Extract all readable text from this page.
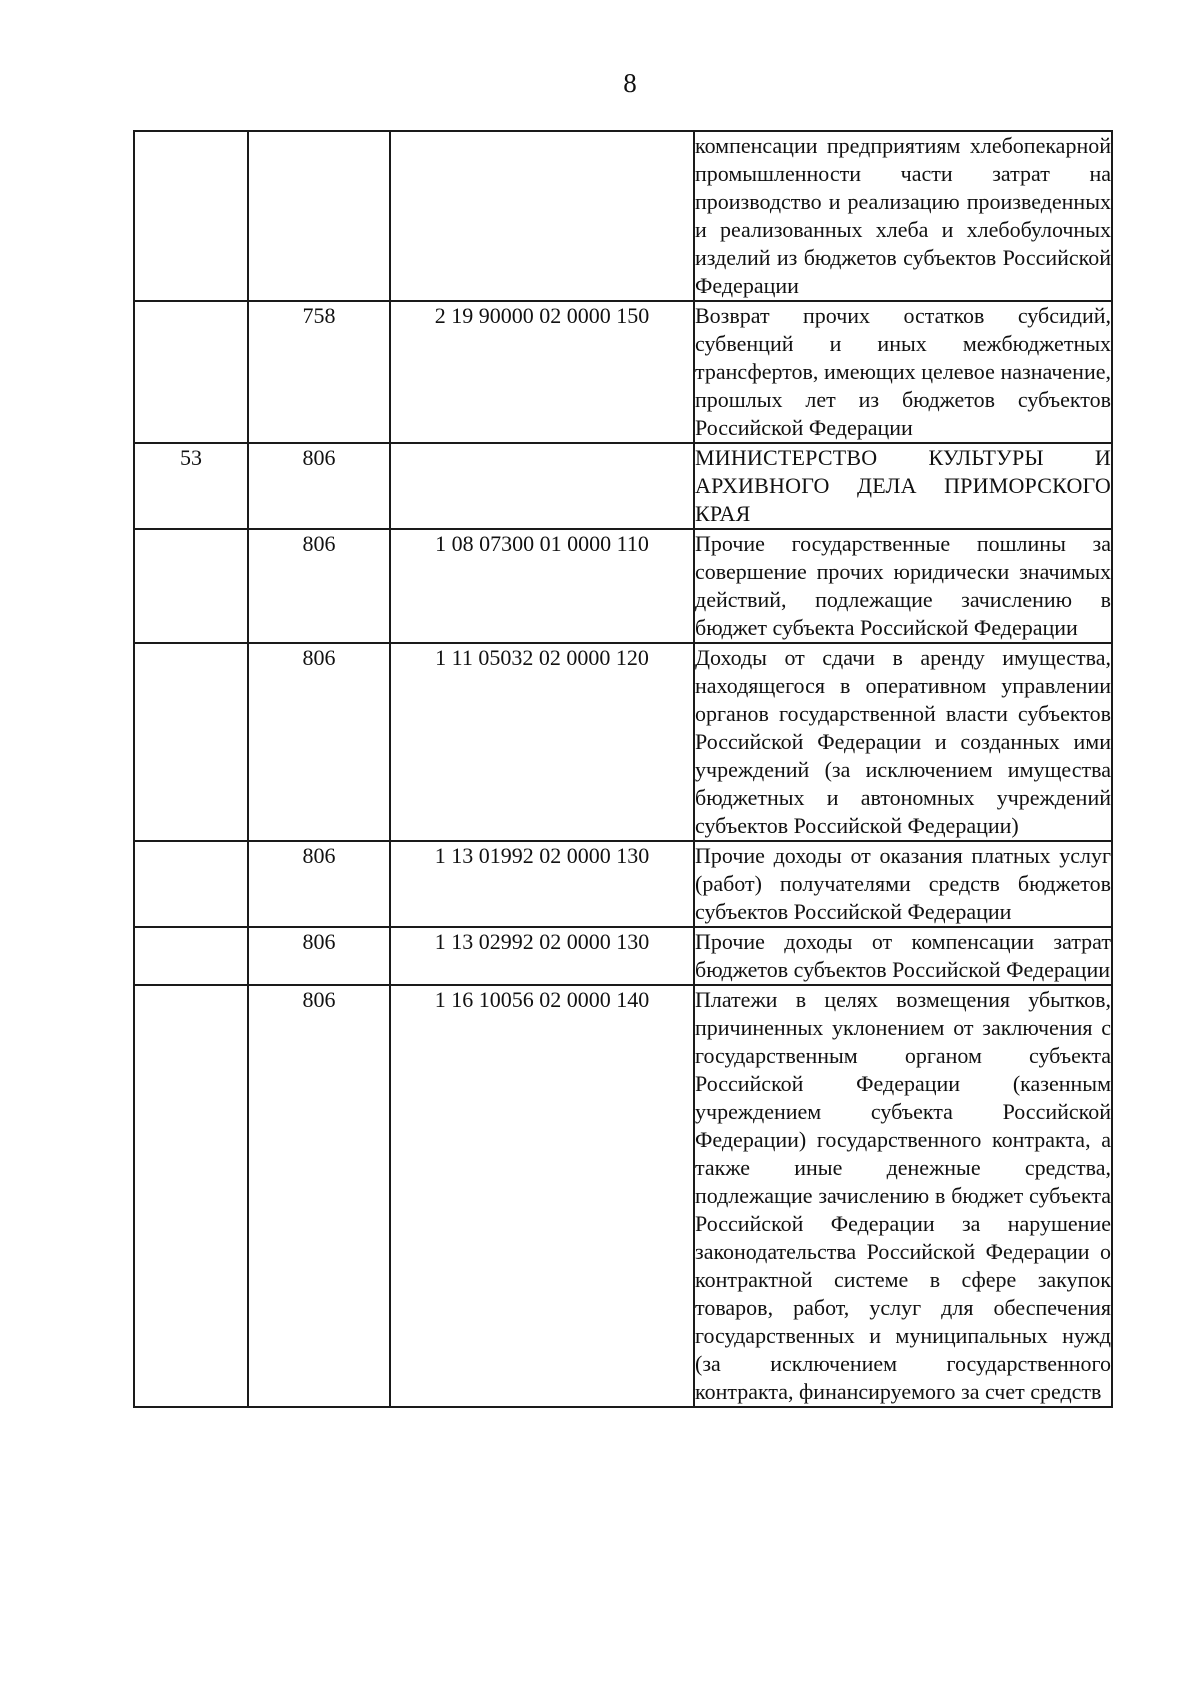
8
			компенсации предприятиям хлебопекарной промышленности части затрат на производство и реализацию произведенных и реализованных хлеба и хлебобулочных изделий из бюджетов субъектов Российской Федерации
	758	2 19 90000 02 0000 150	Возврат прочих остатков субсидий, субвенций и иных межбюджетных трансфертов, имеющих целевое назначение, прошлых лет из бюджетов субъектов Российской Федерации
53	806		МИНИСТЕРСТВО КУЛЬТУРЫ И АРХИВНОГО ДЕЛА ПРИМОРСКОГО КРАЯ
	806	1 08 07300 01 0000 110	Прочие государственные пошлины за совершение прочих юридически значимых действий, подлежащие зачислению в бюджет субъекта Российской Федерации
	806	1 11 05032 02 0000 120	Доходы от сдачи в аренду имущества, находящегося в оперативном управлении органов государственной власти субъектов Российской Федерации и созданных ими учреждений (за исключением имущества бюджетных и автономных учреждений субъектов Российской Федерации)
	806	1 13 01992 02 0000 130	Прочие доходы от оказания платных услуг (работ) получателями средств бюджетов субъектов Российской Федерации
	806	1 13 02992 02 0000 130	Прочие доходы от компенсации затрат бюджетов субъектов Российской Федерации
	806	1 16 10056 02 0000 140	Платежи в целях возмещения убытков, причиненных уклонением от заключения с государственным органом субъекта Российской Федерации (казенным учреждением субъекта Российской Федерации) государственного контракта, а также иные денежные средства, подлежащие зачислению в бюджет субъекта Российской Федерации за нарушение законодательства Российской Федерации о контрактной системе в сфере закупок товаров, работ, услуг для обеспечения государственных и муниципальных нужд (за исключением государственного контракта, финансируемого за счет средств
